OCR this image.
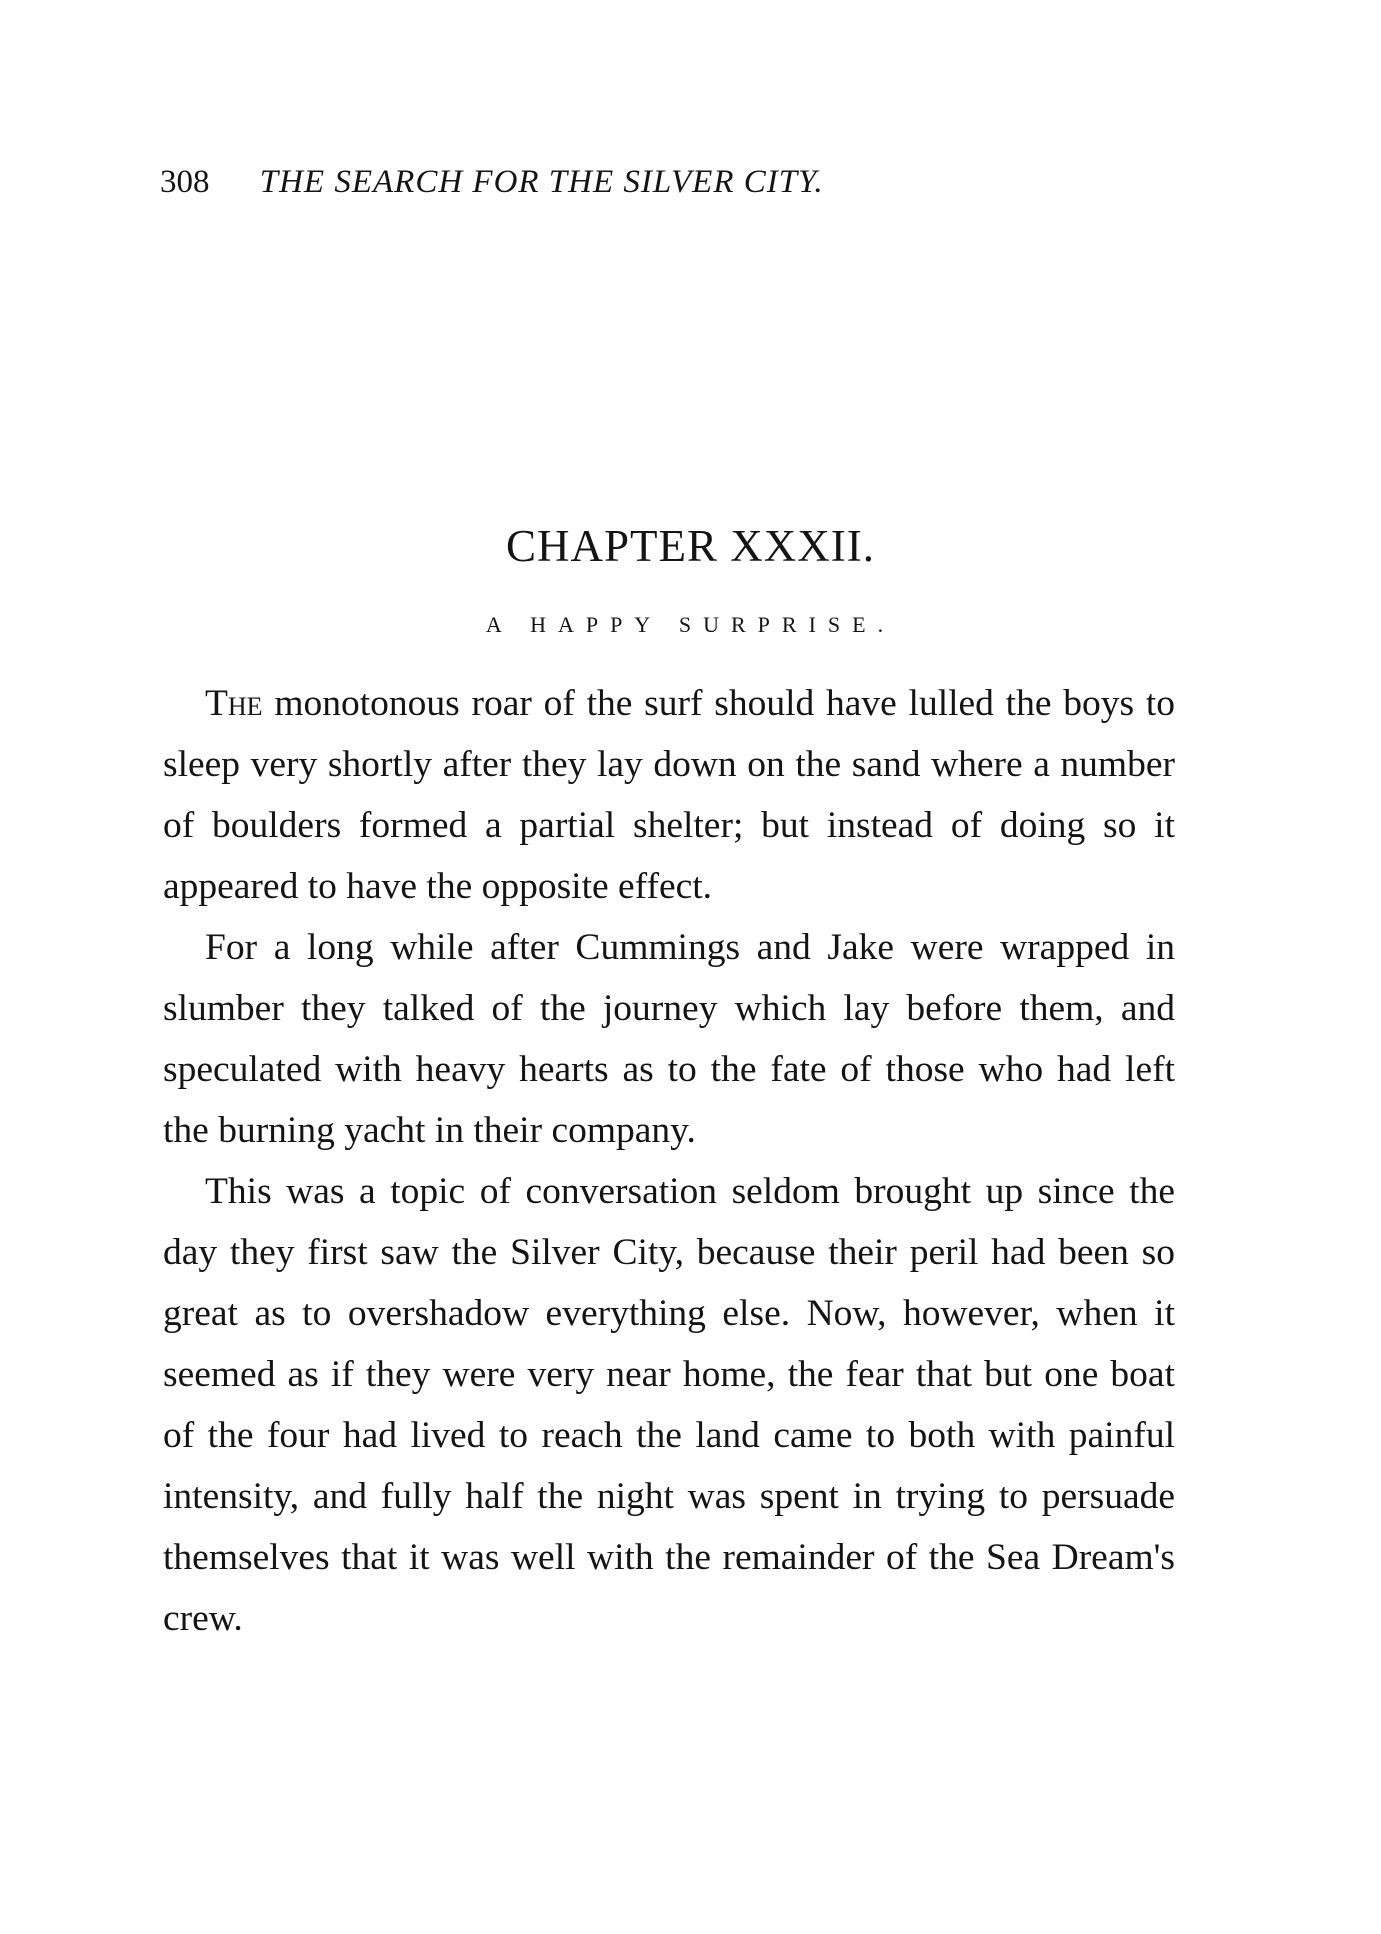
308 THE SEARCH FOR THE SILVER CITY.
CHAPTER XXXII.
A HAPPY SURPRISE.

The monotonous roar of the surf should have lulled the boys to sleep very shortly after they lay down on the sand where a number of boulders formed a partial shelter; but instead of doing so it appeared to have the opposite effect.

For a long while after Cummings and Jake were wrapped in slumber they talked of the journey which lay before them, and speculated with heavy hearts as to the fate of those who had left the burning yacht in their company.

This was a topic of conversation seldom brought up since the day they first saw the Silver City, because their peril had been so great as to overshadow everything else. Now, however, when it seemed as if they were very near home, the fear that but one boat of the four had lived to reach the land came to both with painful intensity, and fully half the night was spent in trying to persuade themselves that it was well with the remainder of the Sea Dream's crew.
